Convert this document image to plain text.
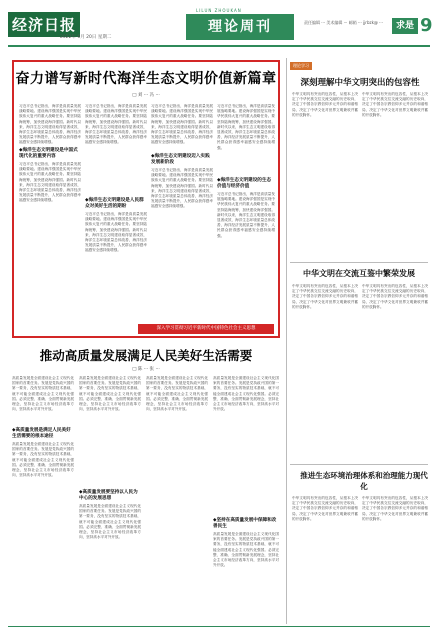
经济日报
2022年 6月 20日 星期二
LILUN ZHOUKAN
理论周刊	责任编辑 ··· 美术编辑 ··· 邮箱 ··· jjrbzk@ ···	求是 9
奋力谱写新时代海洋生态文明价值新篇章
□ 刘 ··· 冯 ···
习近平总书记指出，海洋是高质量发展战略要地。建设海洋强国是实现中华民族伟大复兴的重大战略任务。要坚持陆海统筹，加快建设海洋强国。新时代以来，海洋生态文明建设取得显著成效，海洋生态环境质量总体改善，海洋经济发展质量不断提升，人民群众获得感幸福感安全感持续增强。
◆海洋生态文明建设是中国式现代化的重要内容
习近平总书记指出，海洋是高质量发展战略要地。建设海洋强国是实现中华民族伟大复兴的重大战略任务。要坚持陆海统筹，加快建设海洋强国。新时代以来，海洋生态文明建设取得显著成效，海洋生态环境质量总体改善，海洋经济发展质量不断提升，人民群众获得感幸福感安全感持续增强。
习近平总书记指出，海洋是高质量发展战略要地。建设海洋强国是实现中华民族伟大复兴的重大战略任务。要坚持陆海统筹，加快建设海洋强国。新时代以来，海洋生态文明建设取得显著成效，海洋生态环境质量总体改善，海洋经济发展质量不断提升，人民群众获得感幸福感安全感持续增强。
◆海洋生态文明建设是人民群众对美好生活的期盼
习近平总书记指出，海洋是高质量发展战略要地。建设海洋强国是实现中华民族伟大复兴的重大战略任务。要坚持陆海统筹，加快建设海洋强国。新时代以来，海洋生态文明建设取得显著成效，海洋生态环境质量总体改善，海洋经济发展质量不断提升，人民群众获得感幸福感安全感持续增强。
习近平总书记指出，海洋是高质量发展战略要地。建设海洋强国是实现中华民族伟大复兴的重大战略任务。要坚持陆海统筹，加快建设海洋强国。新时代以来，海洋生态文明建设取得显著成效，海洋生态环境质量总体改善，海洋经济发展质量不断提升，人民群众获得感幸福感安全感持续增强。
◆海洋生态文明建设迈入实践发展新阶段
习近平总书记指出，海洋是高质量发展战略要地。建设海洋强国是实现中华民族伟大复兴的重大战略任务。要坚持陆海统筹，加快建设海洋强国。新时代以来，海洋生态文明建设取得显著成效，海洋生态环境质量总体改善，海洋经济发展质量不断提升，人民群众获得感幸福感安全感持续增强。
习近平总书记指出，海洋是高质量发展战略要地。建设海洋强国是实现中华民族伟大复兴的重大战略任务。要坚持陆海统筹，加快建设海洋强国。新时代以来，海洋生态文明建设取得显著成效，海洋生态环境质量总体改善，海洋经济发展质量不断提升，人民群众获得感幸福感安全感持续增强。
◆海洋生态文明建设的生态价值与经济价值
习近平总书记指出，海洋是高质量发展战略要地。建设海洋强国是实现中华民族伟大复兴的重大战略任务。要坚持陆海统筹，加快建设海洋强国。新时代以来，海洋生态文明建设取得显著成效，海洋生态环境质量总体改善，海洋经济发展质量不断提升，人民群众获得感幸福感安全感持续增强。
深入学习贯彻习近平新时代中国特色社会主义思想
理论学习
深刻理解中华文明突出的包容性
中华文明具有突出的包容性，从根本上决定了中华民族交往交流交融的历史取向，决定了中国各宗教信仰多元并存的和谐格局，决定了中华文化对世界文明兼收并蓄的开放胸怀。
中华文明具有突出的包容性，从根本上决定了中华民族交往交流交融的历史取向，决定了中国各宗教信仰多元并存的和谐格局，决定了中华文化对世界文明兼收并蓄的开放胸怀。
中华文明在交流互鉴中繁荣发展
中华文明具有突出的包容性，从根本上决定了中华民族交往交流交融的历史取向，决定了中国各宗教信仰多元并存的和谐格局，决定了中华文化对世界文明兼收并蓄的开放胸怀。
中华文明具有突出的包容性，从根本上决定了中华民族交往交流交融的历史取向，决定了中国各宗教信仰多元并存的和谐格局，决定了中华文化对世界文明兼收并蓄的开放胸怀。
推进生态环境治理体系和治理能力现代化
中华文明具有突出的包容性，从根本上决定了中华民族交往交流交融的历史取向，决定了中国各宗教信仰多元并存的和谐格局，决定了中华文化对世界文明兼收并蓄的开放胸怀。
中华文明具有突出的包容性，从根本上决定了中华民族交往交流交融的历史取向，决定了中国各宗教信仰多元并存的和谐格局，决定了中华文化对世界文明兼收并蓄的开放胸怀。
推动高质量发展满足人民美好生活需要
□ 陈 ··· 张 ···
高质量发展是全面建设社会主义现代化国家的首要任务。发展是党执政兴国的第一要务，没有坚实的物质技术基础，就不可能全面建成社会主义现代化强国。必须完整、准确、全面贯彻新发展理念，坚持社会主义市场经济改革方向，坚持高水平对外开放。
◆高质量发展是满足人民美好生活需要的根本途径
高质量发展是全面建设社会主义现代化国家的首要任务。发展是党执政兴国的第一要务，没有坚实的物质技术基础，就不可能全面建成社会主义现代化强国。必须完整、准确、全面贯彻新发展理念，坚持社会主义市场经济改革方向，坚持高水平对外开放。
高质量发展是全面建设社会主义现代化国家的首要任务。发展是党执政兴国的第一要务，没有坚实的物质技术基础，就不可能全面建成社会主义现代化强国。必须完整、准确、全面贯彻新发展理念，坚持社会主义市场经济改革方向，坚持高水平对外开放。
◆高质量发展要坚持以人民为中心的发展思想
高质量发展是全面建设社会主义现代化国家的首要任务。发展是党执政兴国的第一要务，没有坚实的物质技术基础，就不可能全面建成社会主义现代化强国。必须完整、准确、全面贯彻新发展理念，坚持社会主义市场经济改革方向，坚持高水平对外开放。
高质量发展是全面建设社会主义现代化国家的首要任务。发展是党执政兴国的第一要务，没有坚实的物质技术基础，就不可能全面建成社会主义现代化强国。必须完整、准确、全面贯彻新发展理念，坚持社会主义市场经济改革方向，坚持高水平对外开放。
高质量发展是全面建设社会主义现代化国家的首要任务。发展是党执政兴国的第一要务，没有坚实的物质技术基础，就不可能全面建成社会主义现代化强国。必须完整、准确、全面贯彻新发展理念，坚持社会主义市场经济改革方向，坚持高水平对外开放。
◆坚持在高质量发展中保障和改善民生
高质量发展是全面建设社会主义现代化国家的首要任务。发展是党执政兴国的第一要务，没有坚实的物质技术基础，就不可能全面建成社会主义现代化强国。必须完整、准确、全面贯彻新发展理念，坚持社会主义市场经济改革方向，坚持高水平对外开放。
